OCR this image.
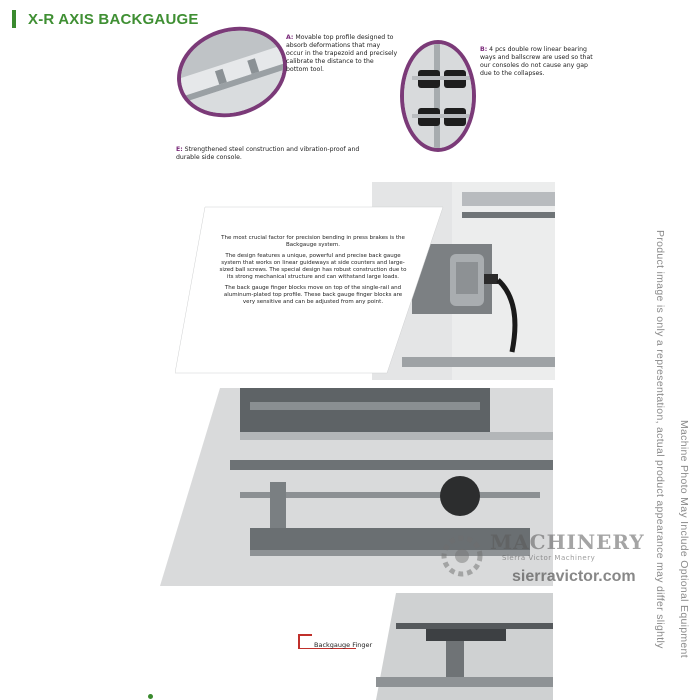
X-R AXIS BACKGAUGE
A: Movable top profile designed to absorb deformations that may occur in the trapezoid and precisely calibrate the distance to the bottom tool.
B: 4 pcs double row linear bearing ways and ballscrew are used so that our consoles do not cause any gap due to the collapses.
E: Strengthened steel construction and vibration-proof and durable side console.

The most crucial factor for precision bending in press brakes is the Backgauge system.

The design features a unique, powerful and precise back gauge system that works on linear guideways at side counters and large-sized ball screws. The special design has robust construction due to its strong mechanical structure and can withstand large loads.

The back gauge finger blocks move on top of the single-rail and aluminum-plated top profile. These back gauge finger blocks are very sensitive and can be adjusted from any point.

Backgauge Finger
MACHINERY
Sierra Victor Machinery
sierravictor.com Product image is only a representation, actual product appearance may differ slightly Machine Photo May Include Optional Equipment
